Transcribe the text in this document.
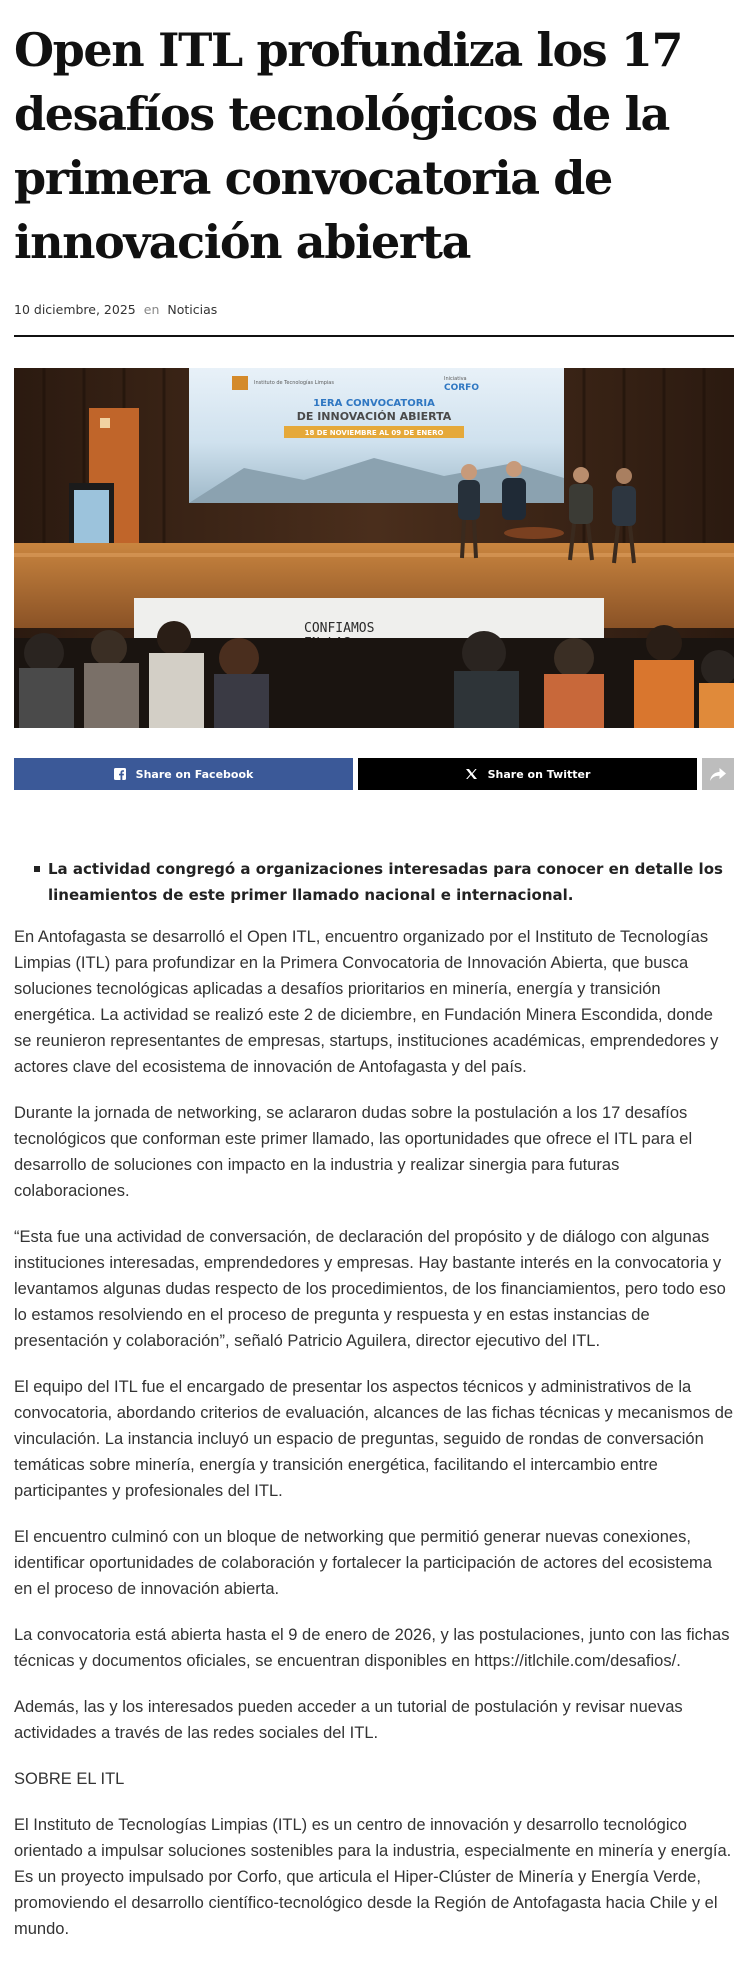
Open ITL profundiza los 17 desafíos tecnológicos de la primera convocatoria de innovación abierta
10 diciembre, 2025 en Noticias
Instituto de Tecnologías Limpias
Iniciativa
CORFO
1ERA CONVOCATORIA
DE INNOVACIÓN ABIERTA
18 DE NOVIEMBRE AL 09 DE ENERO
CONFIAMOS
Share on Facebook	Share on Twitter
La actividad congregó a organizaciones interesadas para conocer en detalle los lineamientos de este primer llamado nacional e internacional.

En Antofagasta se desarrolló el Open ITL, encuentro organizado por el Instituto de Tecnologías Limpias (ITL) para profundizar en la Primera Convocatoria de Innovación Abierta, que busca soluciones tecnológicas aplicadas a desafíos prioritarios en minería, energía y transición energética. La actividad se realizó este 2 de diciembre, en Fundación Minera Escondida, donde se reunieron representantes de empresas, startups, instituciones académicas, emprendedores y actores clave del ecosistema de innovación de Antofagasta y del país.

Durante la jornada de networking, se aclararon dudas sobre la postulación a los 17 desafíos tecnológicos que conforman este primer llamado, las oportunidades que ofrece el ITL para el desarrollo de soluciones con impacto en la industria y realizar sinergia para futuras colaboraciones.

“Esta fue una actividad de conversación, de declaración del propósito y de diálogo con algunas instituciones interesadas, emprendedores y empresas. Hay bastante interés en la convocatoria y levantamos algunas dudas respecto de los procedimientos, de los financiamientos, pero todo eso lo estamos resolviendo en el proceso de pregunta y respuesta y en estas instancias de presentación y colaboración”, señaló Patricio Aguilera, director ejecutivo del ITL.

El equipo del ITL fue el encargado de presentar los aspectos técnicos y administrativos de la convocatoria, abordando criterios de evaluación, alcances de las fichas técnicas y mecanismos de vinculación. La instancia incluyó un espacio de preguntas, seguido de rondas de conversación temáticas sobre minería, energía y transición energética, facilitando el intercambio entre participantes y profesionales del ITL.

El encuentro culminó con un bloque de networking que permitió generar nuevas conexiones, identificar oportunidades de colaboración y fortalecer la participación de actores del ecosistema en el proceso de innovación abierta.

La convocatoria está abierta hasta el 9 de enero de 2026, y las postulaciones, junto con las fichas técnicas y documentos oficiales, se encuentran disponibles en https://itlchile.com/desafios/.

Además, las y los interesados pueden acceder a un tutorial de postulación y revisar nuevas actividades a través de las redes sociales del ITL.

SOBRE EL ITL

El Instituto de Tecnologías Limpias (ITL) es un centro de innovación y desarrollo tecnológico orientado a impulsar soluciones sostenibles para la industria, especialmente en minería y energía. Es un proyecto impulsado por Corfo, que articula el Hiper-Clúster de Minería y Energía Verde, promoviendo el desarrollo científico-tecnológico desde la Región de Antofagasta hacia Chile y el mundo.
